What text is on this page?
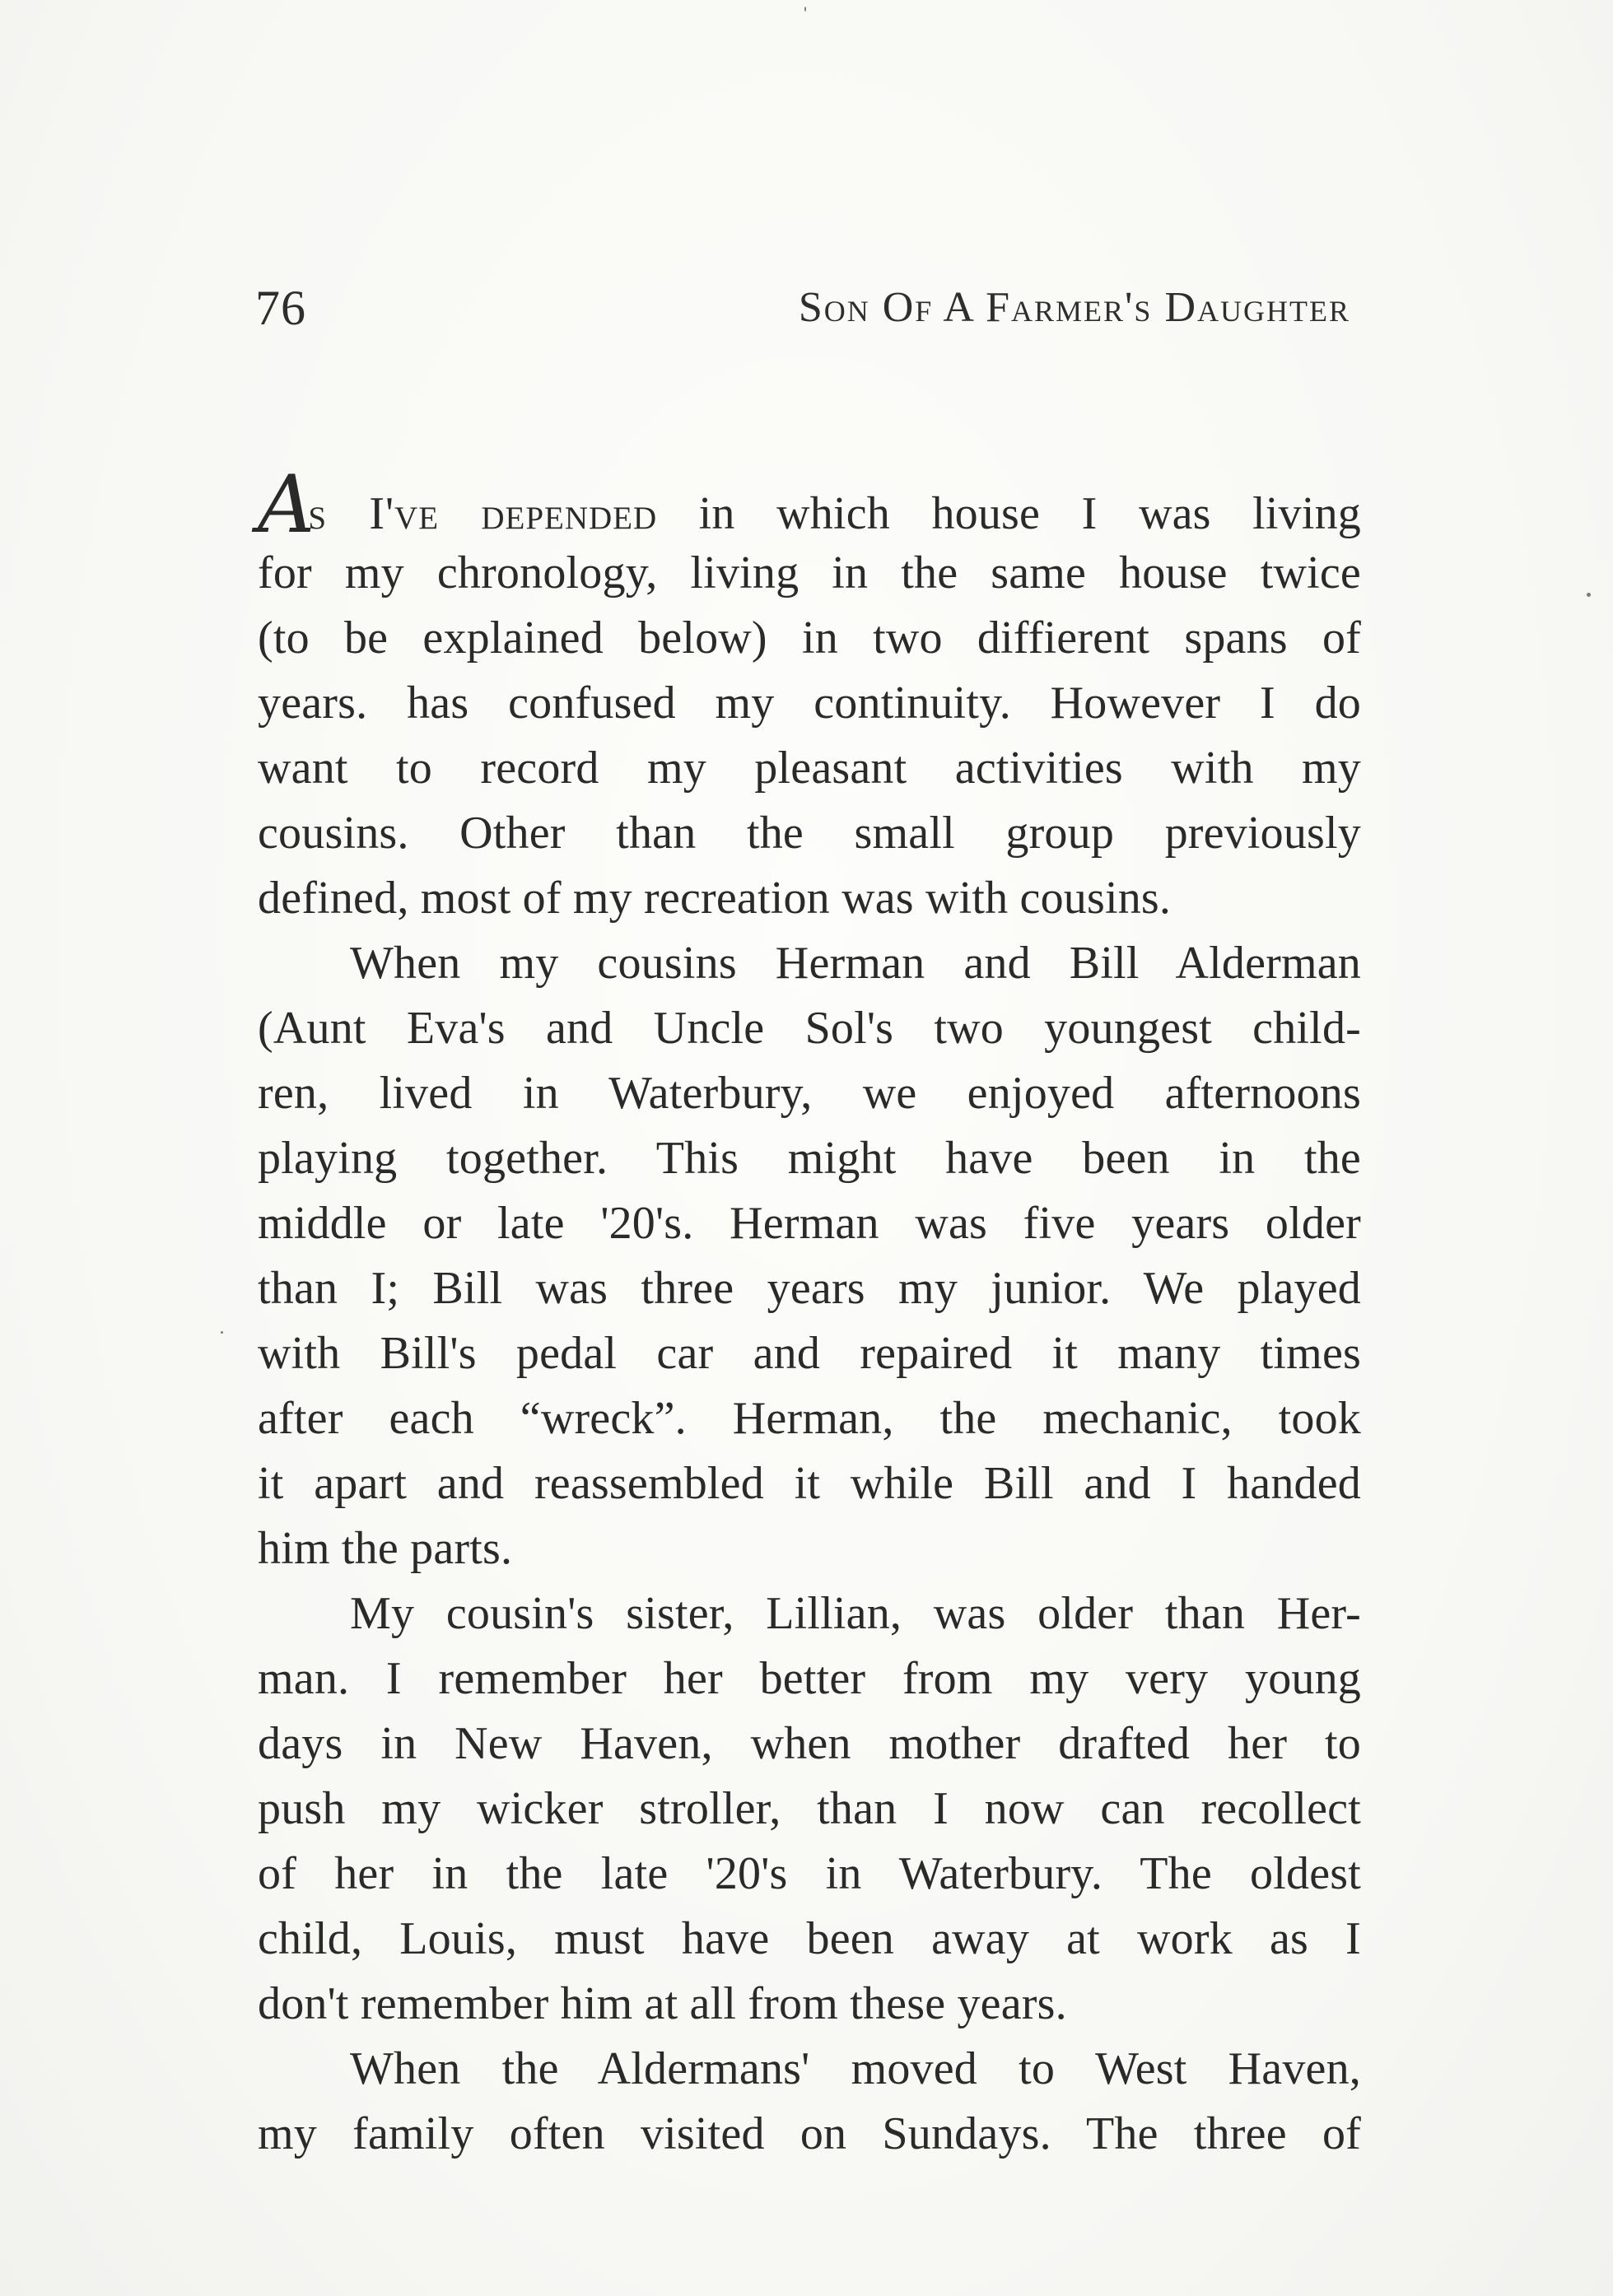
76	Son Of A Farmer's Daughter
As I've depended in which house I was living
for my chronology, living in the same house twice
(to be explained below) in two diffierent spans of
years. has confused my continuity. However I do
want to record my pleasant activities with my
cousins. Other than the small group previously
defined, most of my recreation was with cousins.
When my cousins Herman and Bill Alderman
(Aunt Eva's and Uncle Sol's two youngest child-
ren, lived in Waterbury, we enjoyed afternoons
playing together. This might have been in the
middle or late '20's. Herman was five years older
than I; Bill was three years my junior. We played
with Bill's pedal car and repaired it many times
after each “wreck”. Herman, the mechanic, took
it apart and reassembled it while Bill and I handed
him the parts.
My cousin's sister, Lillian, was older than Her-
man. I remember her better from my very young
days in New Haven, when mother drafted her to
push my wicker stroller, than I now can recollect
of her in the late '20's in Waterbury. The oldest
child, Louis, must have been away at work as I
don't remember him at all from these years.
When the Aldermans' moved to West Haven,
my family often visited on Sundays. The three of
